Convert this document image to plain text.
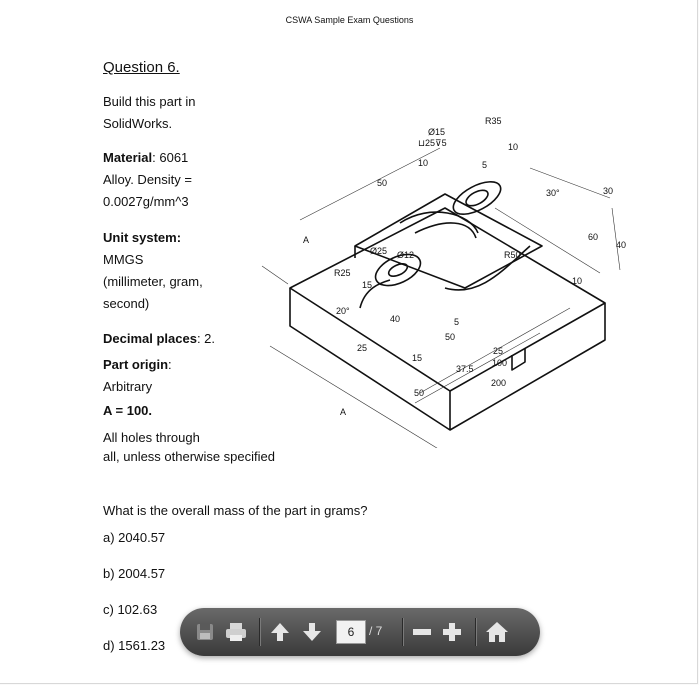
CSWA Sample Exam Questions
Question 6.
Build this part in
SolidWorks.
Material: 6061
Alloy. Density =
0.0027g/mm^3
Unit system:
MMGS
(millimeter, gram,
second)
Decimal places: 2.
Part origin:
Arbitrary
A = 100.
All holes through
all, unless otherwise specified
What is the overall mass of the part in grams?
a) 2040.57
b) 2004.57
c) 102.63
d) 1561.23
Ø15
⊔25⊽5
R35
10
10
5
50
30°	30
60
40
R50
10
A
Ø25 Ø12
R25
15
20°
40	5
50
25
15
25
100
37.5
200
50
A
6	/ 7
